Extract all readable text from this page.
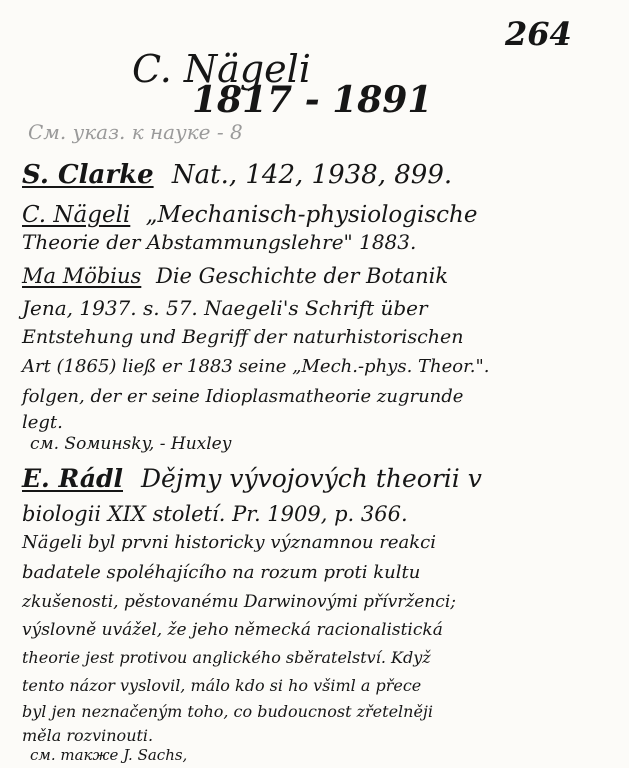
264
C. Nägeli
1817 - 1891
См. указ. к науке - 8
S. Clarke Nat., 142, 1938, 899.
C. Nägeli „Mechanisch-physiologische
Theorie der Abstammungslehre" 1883.
Mа Möbius Die Geschichte der Botanik
Jena, 1937. s. 57. Naegeli's Schrift über
Entstehung und Begriff der naturhistorischen
Art (1865) ließ er 1883 seine „Mech.-phys. Theor.".
folgen, der er seine Idioplasmatheorie zugrunde
legt.
см. Soминsky, - Huxley
E. Rádl Dějmy vývojových theorii v
biologii XIX století. Pr. 1909, p. 366.
Nägeli byl prvni historicky významnou reakci
badatele spoléhajícího na rozum proti kultu
zkušenosti, pěstovanému Darwinovými přívrženci;
výslovně uvážel, že jeho německá racionalistická
theorie jest protivou anglického sběratelství. Když
tento názor vyslovil, málo kdo si ho všiml a přece
byl jen neznačeným toho, co budoucnost zřetelněji
měla rozvinouti.
см. также J. Sachs,
